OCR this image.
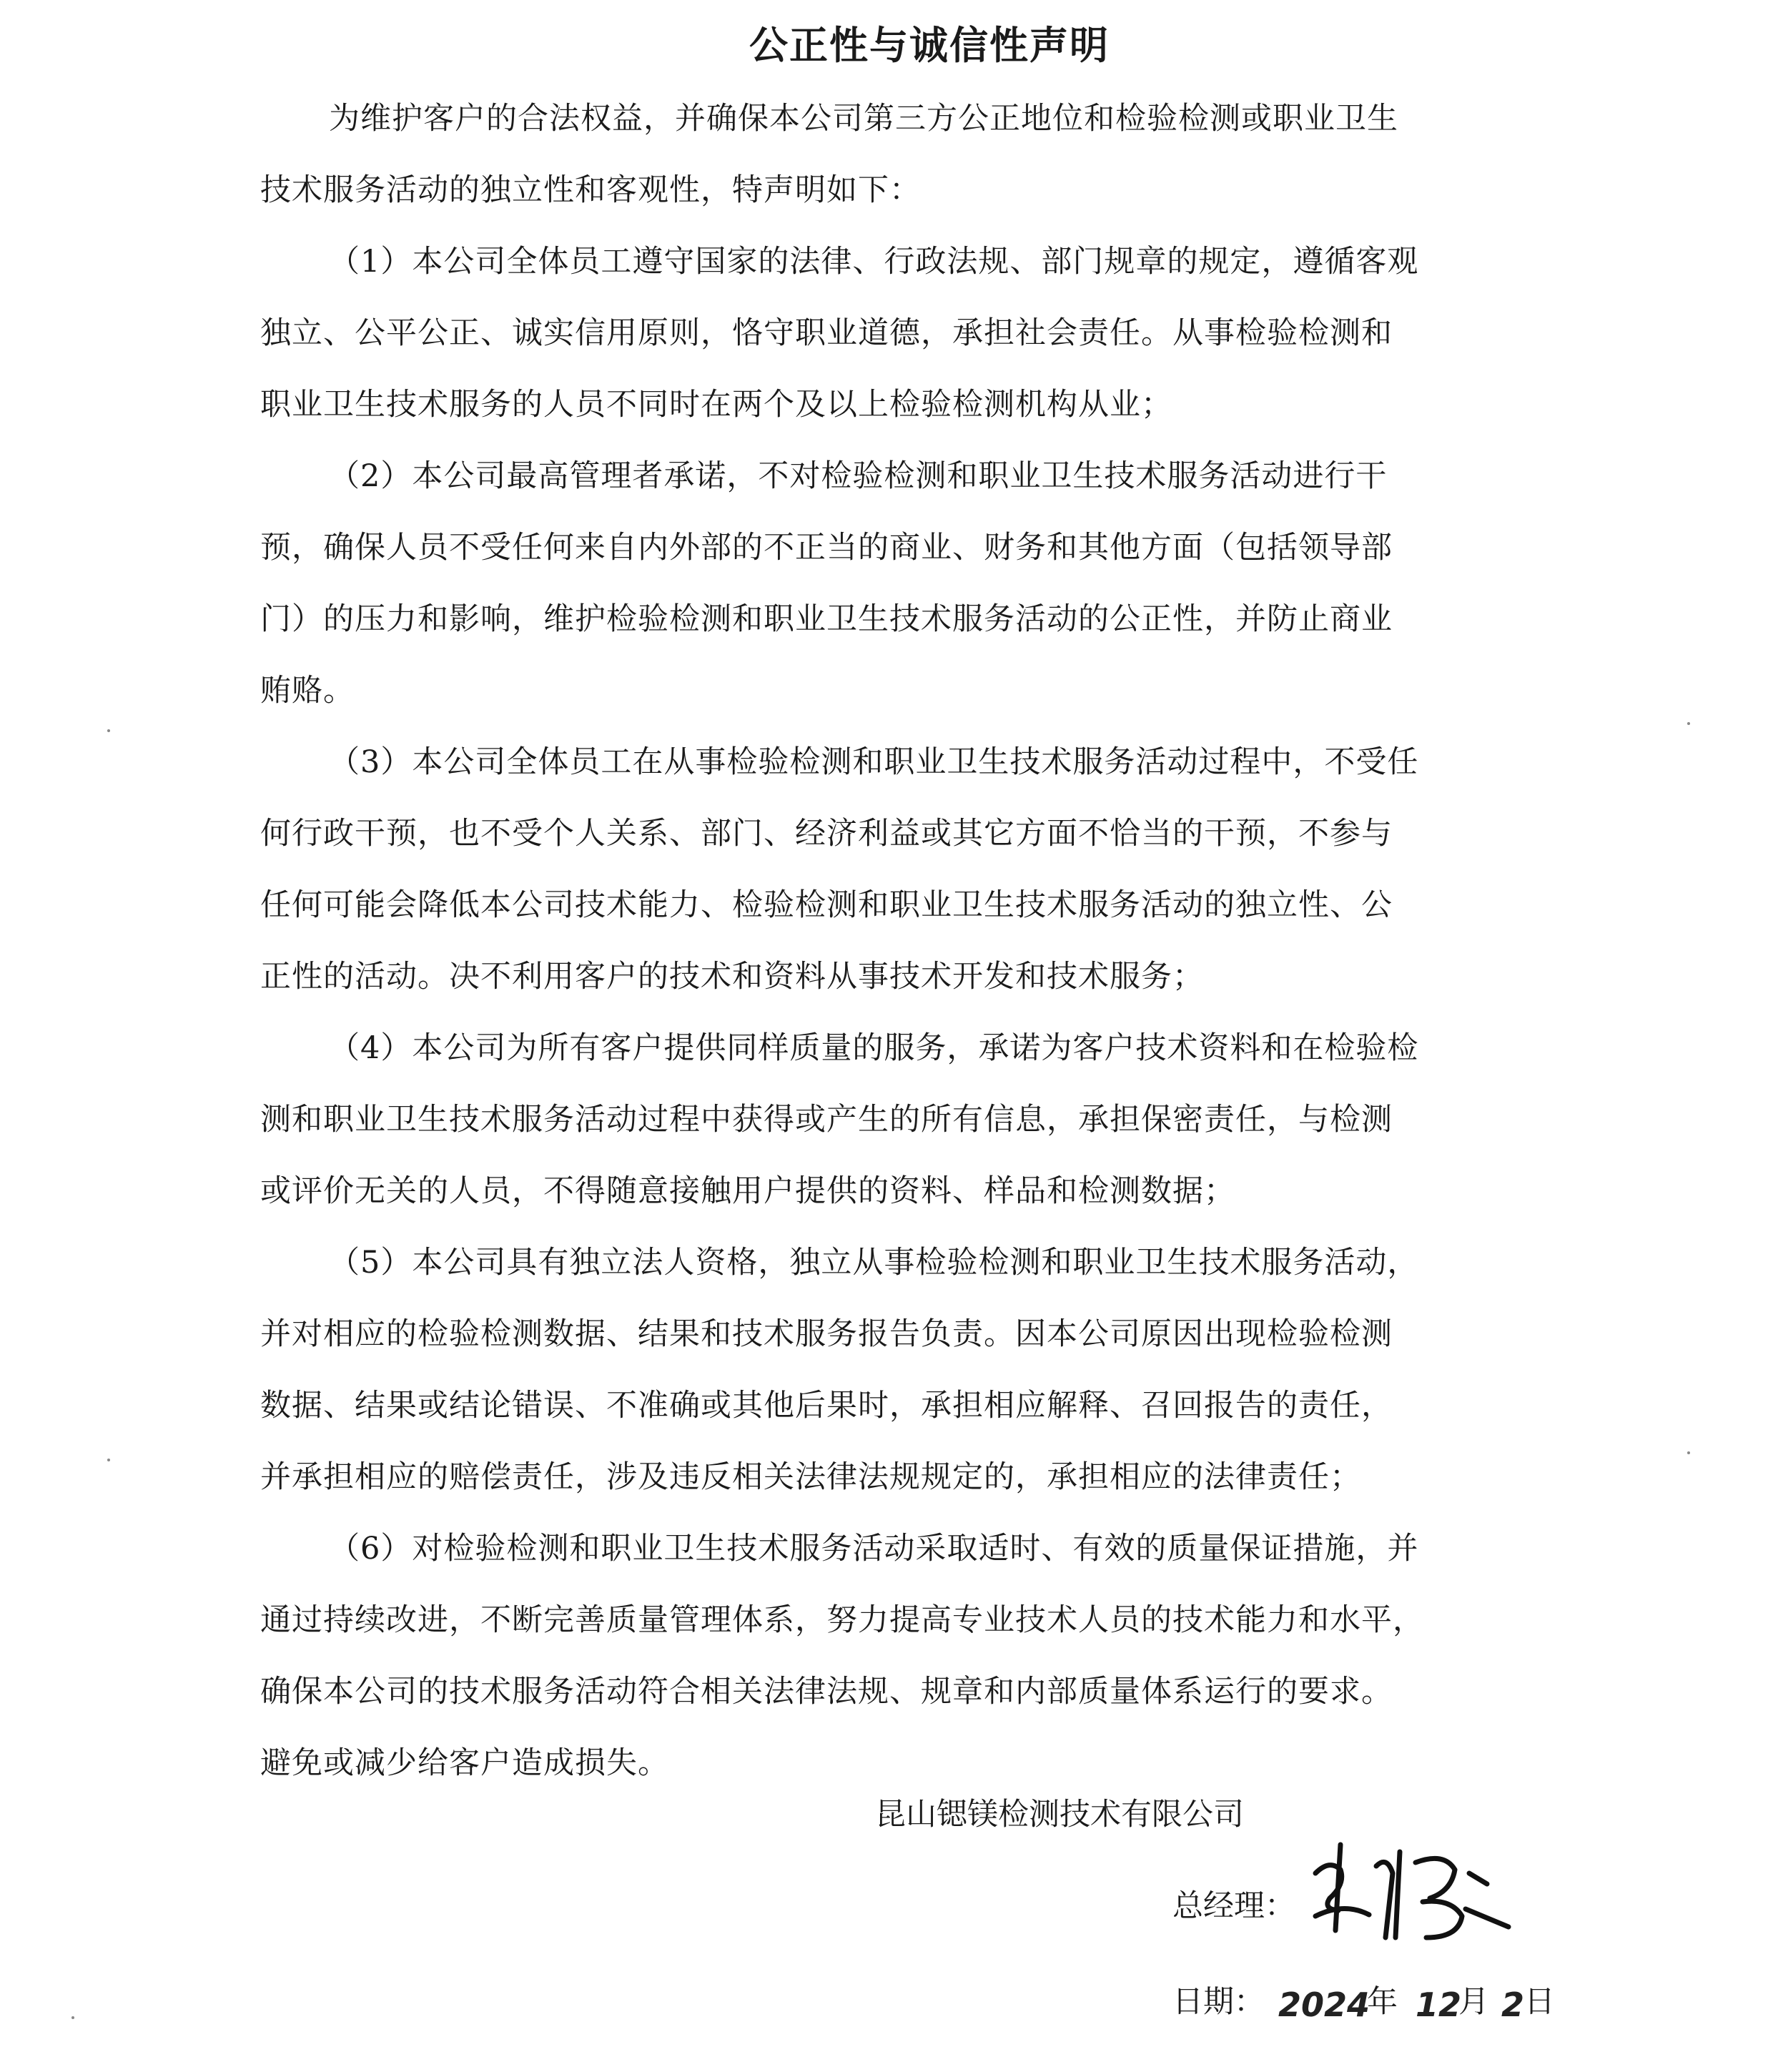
公正性与诚信性声明
为维护客户的合法权益，并确保本公司第三方公正地位和检验检测或职业卫生
技术服务活动的独立性和客观性，特声明如下：
（1）本公司全体员工遵守国家的法律、行政法规、部门规章的规定，遵循客观
独立、公平公正、诚实信用原则，恪守职业道德，承担社会责任。从事检验检测和
职业卫生技术服务的人员不同时在两个及以上检验检测机构从业；
（2）本公司最高管理者承诺，不对检验检测和职业卫生技术服务活动进行干
预，确保人员不受任何来自内外部的不正当的商业、财务和其他方面（包括领导部
门）的压力和影响，维护检验检测和职业卫生技术服务活动的公正性，并防止商业
贿赂。
（3）本公司全体员工在从事检验检测和职业卫生技术服务活动过程中，不受任
何行政干预，也不受个人关系、部门、经济利益或其它方面不恰当的干预，不参与
任何可能会降低本公司技术能力、检验检测和职业卫生技术服务活动的独立性、公
正性的活动。决不利用客户的技术和资料从事技术开发和技术服务；
（4）本公司为所有客户提供同样质量的服务，承诺为客户技术资料和在检验检
测和职业卫生技术服务活动过程中获得或产生的所有信息，承担保密责任，与检测
或评价无关的人员，不得随意接触用户提供的资料、样品和检测数据；
（5）本公司具有独立法人资格，独立从事检验检测和职业卫生技术服务活动，
并对相应的检验检测数据、结果和技术服务报告负责。因本公司原因出现检验检测
数据、结果或结论错误、不准确或其他后果时，承担相应解释、召回报告的责任，
并承担相应的赔偿责任，涉及违反相关法律法规规定的，承担相应的法律责任；
（6）对检验检测和职业卫生技术服务活动采取适时、有效的质量保证措施，并
通过持续改进，不断完善质量管理体系，努力提高专业技术人员的技术能力和水平，
确保本公司的技术服务活动符合相关法律法规、规章和内部质量体系运行的要求。
避免或减少给客户造成损失。
昆山锶镁检测技术有限公司
总经理：
日期： 2024
年 12
月 2 日
